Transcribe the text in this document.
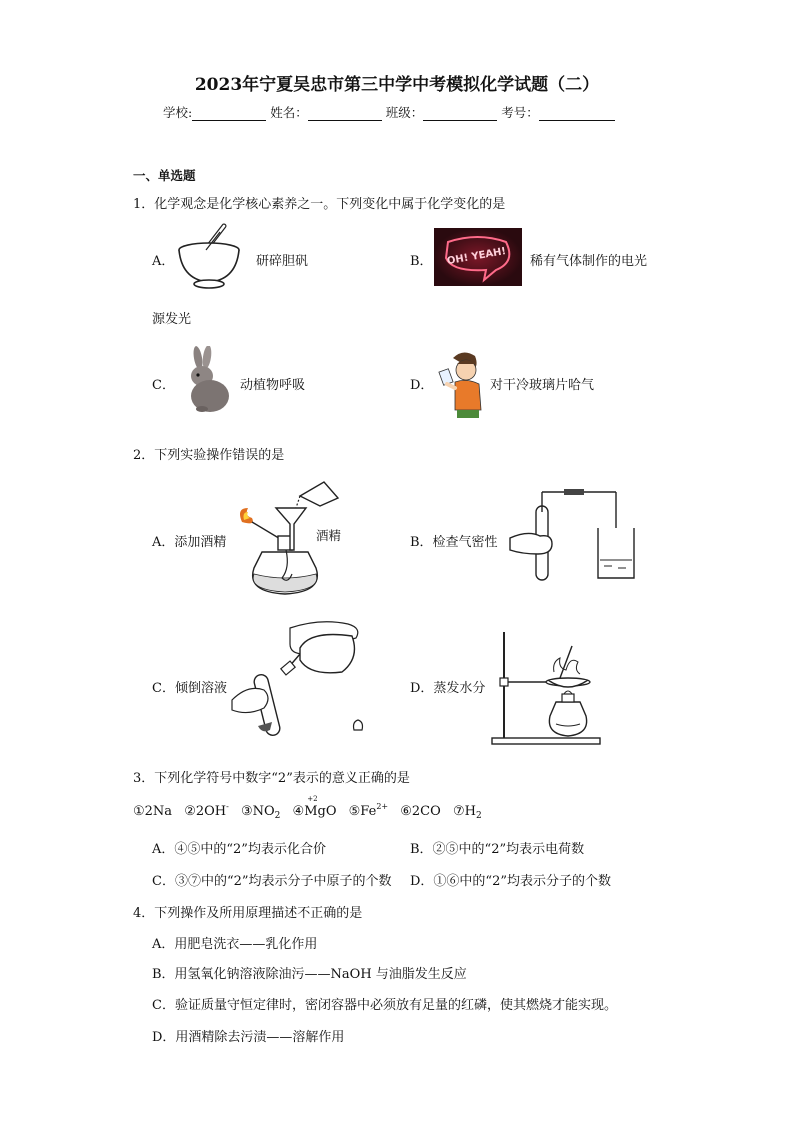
2023年宁夏吴忠市第三中学中考模拟化学试题（二）
学校:	姓名：	班级：	考号：
一、单选题
1．化学观念是化学核心素养之一。下列变化中属于化学变化的是
A．	研碎胆矾	B． OH! YEAH! 稀有气体制作的电光
源发光
C．	动植物呼吸	D．	对干冷玻璃片哈气
2．下列实验操作错误的是
A．添加酒精	酒精	B．检查气密性
C．倾倒溶液	D．蒸发水分
3．下列化学符号中数字“2”表示的意义正确的是
①2Na ②2OH- $③NO_2$ ④
+2
MgO $⑤Fe^{2+}$ ⑥2CO $⑦H_2$
A．④⑤中的“2”均表示化合价	B．②⑤中的“2”均表示电荷数
C．③⑦中的“2”均表示分子中原子的个数 D．①⑥中的“2”均表示分子的个数
4．下列操作及所用原理描述不正确的是
A．用肥皂洗衣——乳化作用
B．用氢氧化钠溶液除油污——NaOH 与油脂发生反应
C．验证质量守恒定律时，密闭容器中必须放有足量的红磷，使其燃烧才能实现。
D．用酒精除去污渍——溶解作用
